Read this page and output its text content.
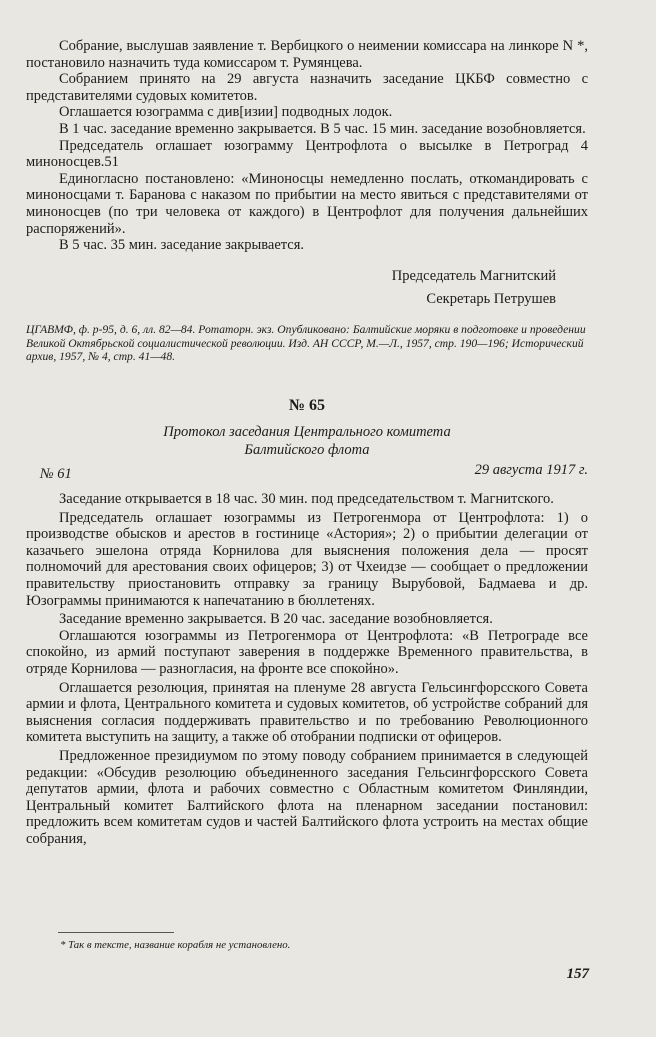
Собрание, выслушав заявление т. Вербицкого о неимении комиссара на линкоре N *, постановило назначить туда комиссаром т. Румянцева.

Собранием принято на 29 августа назначить заседание ЦКБФ совместно с представителями судовых комитетов.

Оглашается юзограмма с див[изии] подводных лодок.

В 1 час. заседание временно закрывается. В 5 час. 15 мин. заседание возобновляется.

Председатель оглашает юзограмму Центрофлота о высылке в Петроград 4 миноносцев.51

Единогласно постановлено: «Миноносцы немедленно послать, откомандировать с миноносцами т. Баранова с наказом по прибытии на место явиться с представителями от миноносцев (по три человека от каждого) в Центрофлот для получения дальнейших распоряжений».

В 5 час. 35 мин. заседание закрывается.

Председатель Магнитский
Секретарь Петрушев
ЦГАВМФ, ф. р-95, д. 6, лл. 82—84. Ротаторн. экз. Опубликовано: Балтийские моряки в подготовке и проведении Великой Октябрьской социалистической революции. Изд. АН СССР, М.—Л., 1957, стр. 190—196; Исторический архив, 1957, № 4, стр. 41—48.
№ 65
Протокол заседания Центрального комитета
Балтийского флота
№ 61	29 августа 1917 г.

Заседание открывается в 18 час. 30 мин. под председательством т. Магнитского.

Председатель оглашает юзограммы из Петрогенмора от Центрофлота: 1) о производстве обысков и арестов в гостинице «Астория»; 2) о прибытии делегации от казачьего эшелона отряда Корнилова для выяснения положения дела — просят полномочий для арестования своих офицеров; 3) от Чхеидзе — сообщает о предложении правительству приостановить отправку за границу Вырубовой, Бадмаева и др. Юзограммы принимаются к напечатанию в бюллетенях.

Заседание временно закрывается. В 20 час. заседание возобновляется.

Оглашаются юзограммы из Петрогенмора от Центрофлота: «В Петрограде все спокойно, из армий поступают заверения в поддержке Временного правительства, в отряде Корнилова — разногласия, на фронте все спокойно».

Оглашается резолюция, принятая на пленуме 28 августа Гельсингфорсского Совета армии и флота, Центрального комитета и судовых комитетов, об устройстве собраний для выяснения согласия поддерживать правительство и по требованию Революционного комитета выступить на защиту, а также об отобрании подписки от офицеров.

Предложенное президиумом по этому поводу собранием принимается в следующей редакции: «Обсудив резолюцию объединенного заседания Гельсингфорсского Совета депутатов армии, флота и рабочих совместно с Областным комитетом Финляндии, Центральный комитет Балтийского флота на пленарном заседании постановил: предложить всем комитетам судов и частей Балтийского флота устроить на местах общие собрания,

* Так в тексте, название корабля не установлено.
157
